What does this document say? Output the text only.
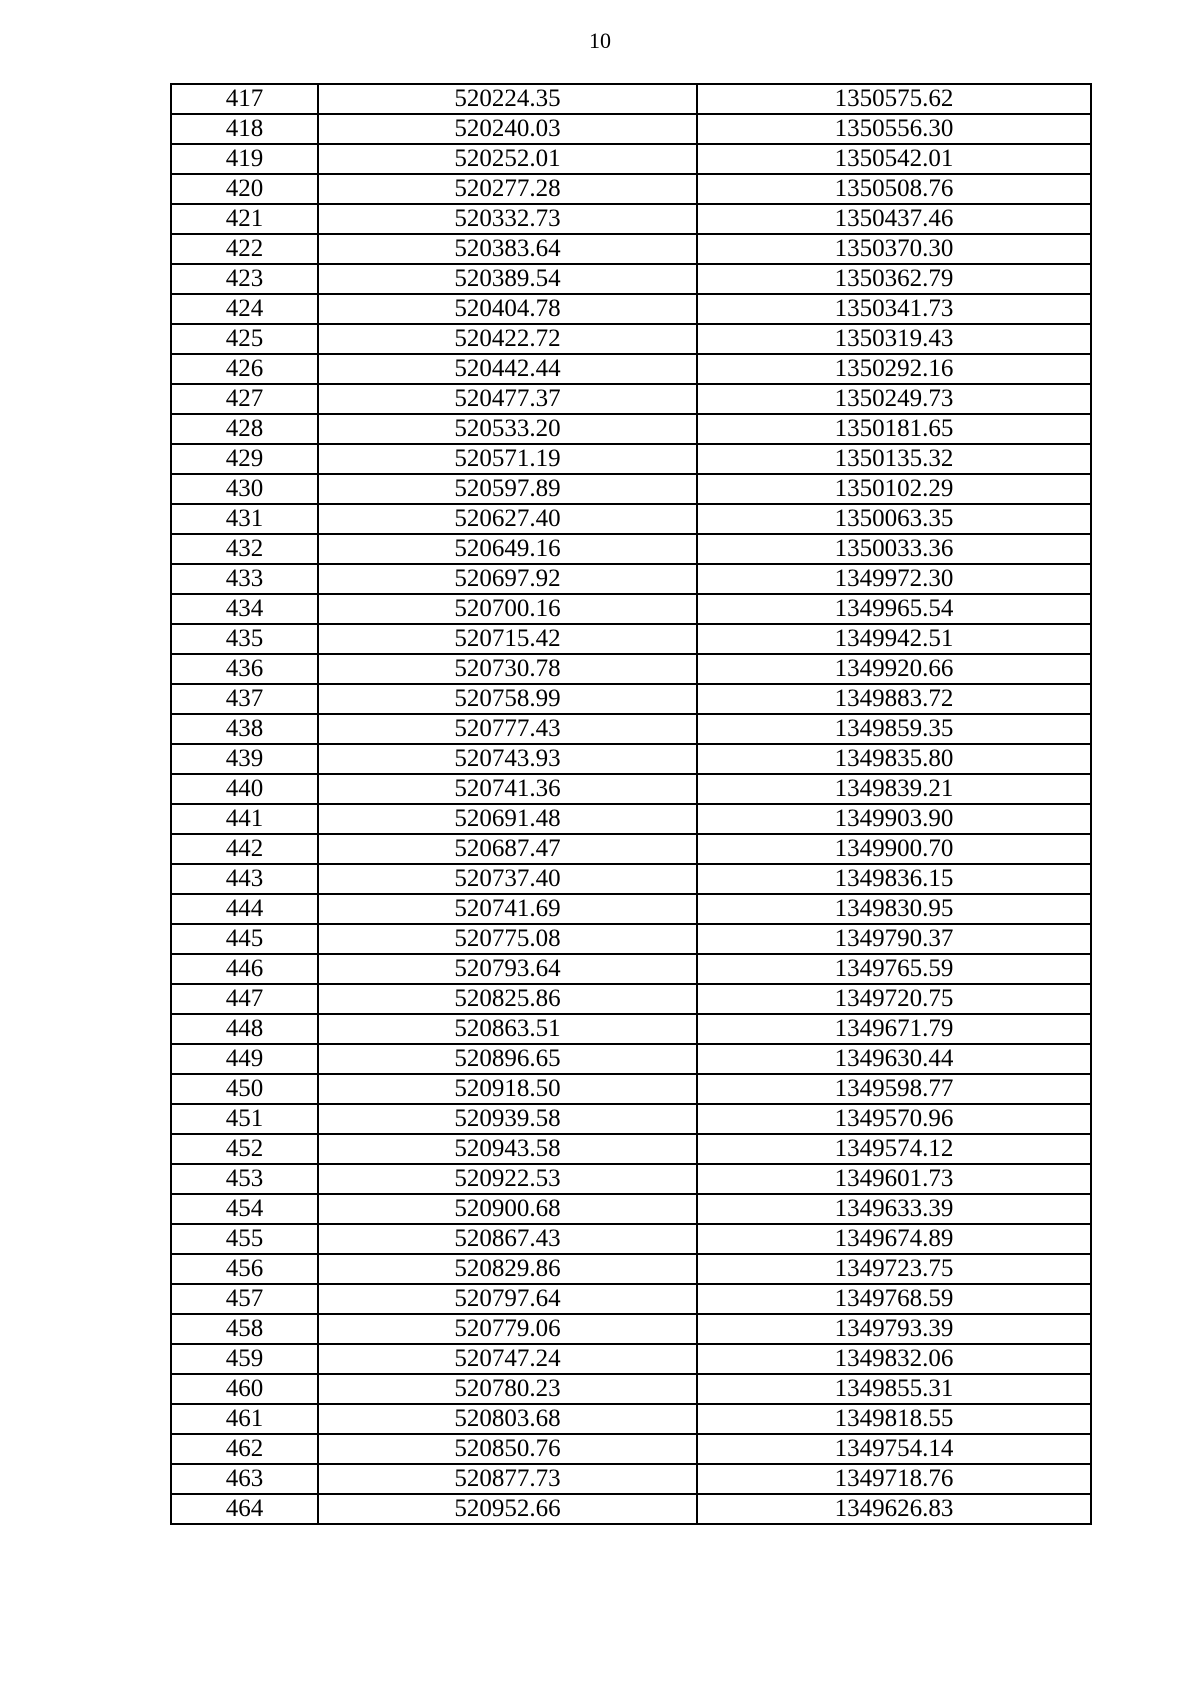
10
417	520224.35	1350575.62
418	520240.03	1350556.30
419	520252.01	1350542.01
420	520277.28	1350508.76
421	520332.73	1350437.46
422	520383.64	1350370.30
423	520389.54	1350362.79
424	520404.78	1350341.73
425	520422.72	1350319.43
426	520442.44	1350292.16
427	520477.37	1350249.73
428	520533.20	1350181.65
429	520571.19	1350135.32
430	520597.89	1350102.29
431	520627.40	1350063.35
432	520649.16	1350033.36
433	520697.92	1349972.30
434	520700.16	1349965.54
435	520715.42	1349942.51
436	520730.78	1349920.66
437	520758.99	1349883.72
438	520777.43	1349859.35
439	520743.93	1349835.80
440	520741.36	1349839.21
441	520691.48	1349903.90
442	520687.47	1349900.70
443	520737.40	1349836.15
444	520741.69	1349830.95
445	520775.08	1349790.37
446	520793.64	1349765.59
447	520825.86	1349720.75
448	520863.51	1349671.79
449	520896.65	1349630.44
450	520918.50	1349598.77
451	520939.58	1349570.96
452	520943.58	1349574.12
453	520922.53	1349601.73
454	520900.68	1349633.39
455	520867.43	1349674.89
456	520829.86	1349723.75
457	520797.64	1349768.59
458	520779.06	1349793.39
459	520747.24	1349832.06
460	520780.23	1349855.31
461	520803.68	1349818.55
462	520850.76	1349754.14
463	520877.73	1349718.76
464	520952.66	1349626.83
